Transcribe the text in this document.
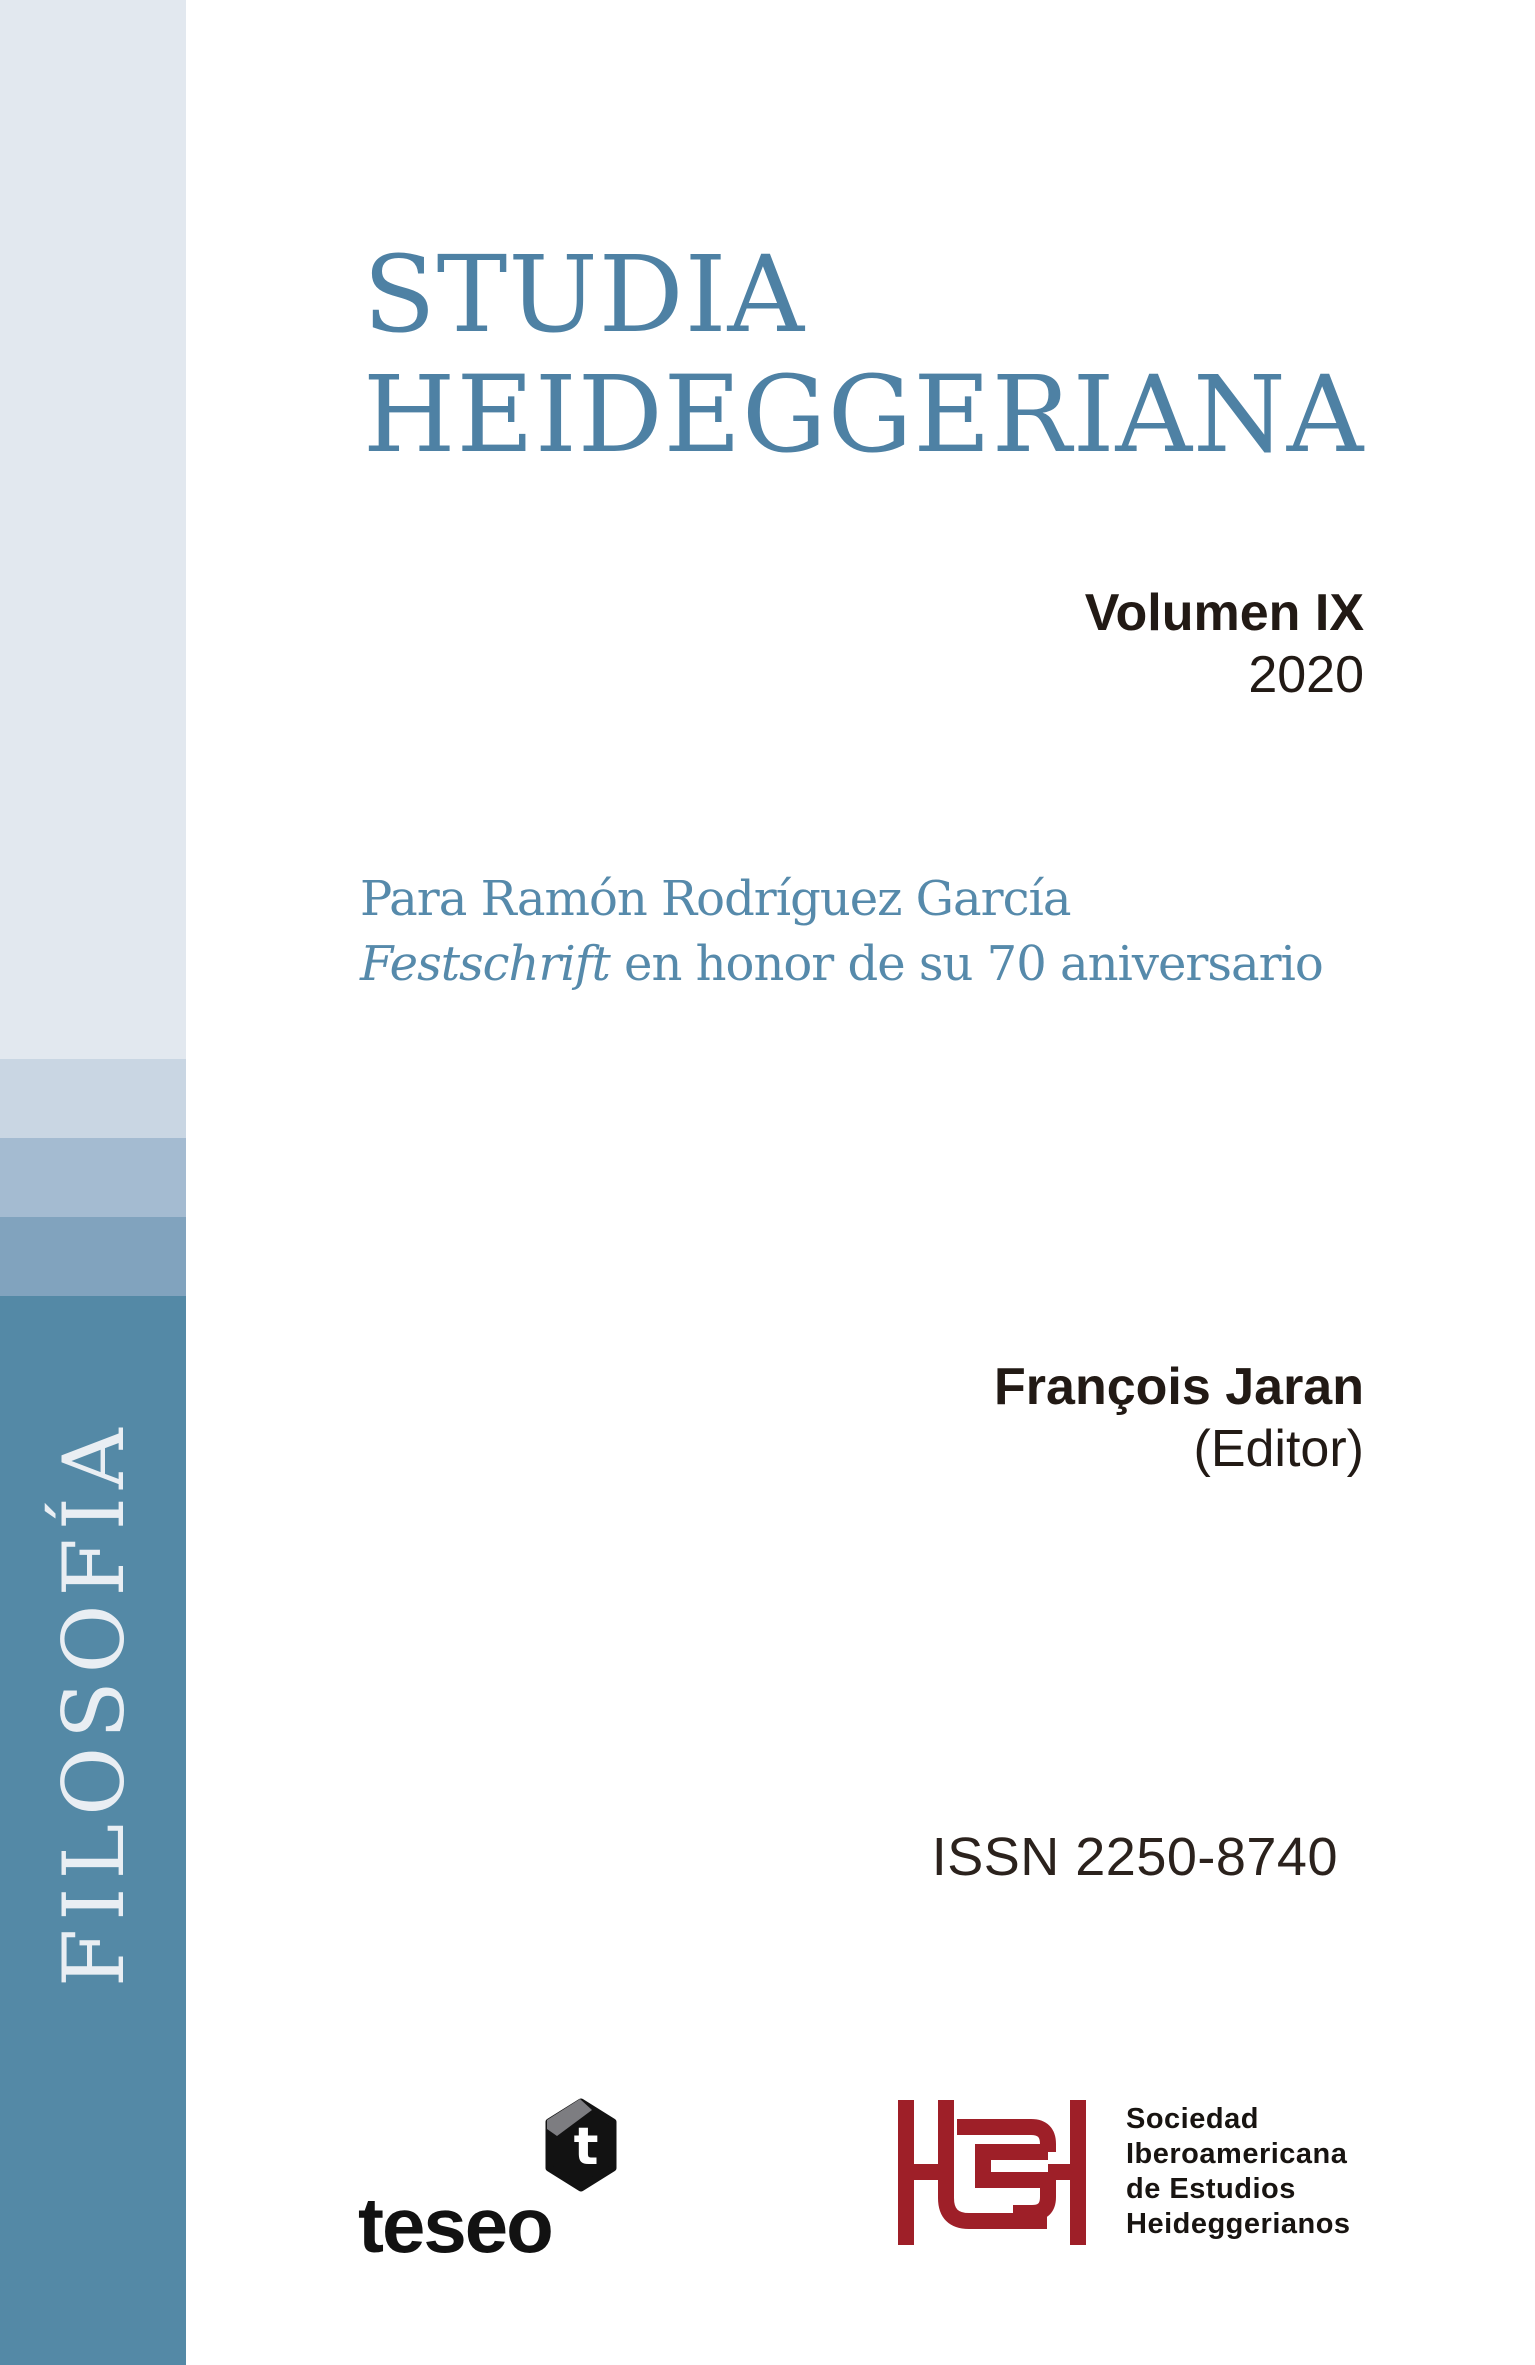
FILOSOFÍA
STUDIA
HEIDEGGERIANA
Volumen IX
2020
Para Ramón Rodríguez García
Festschrift en honor de su 70 aniversario
François Jaran
(Editor)
ISSN 2250-8740
teseo
t	Sociedad
Iberoamericana
de Estudios
Heideggerianos
